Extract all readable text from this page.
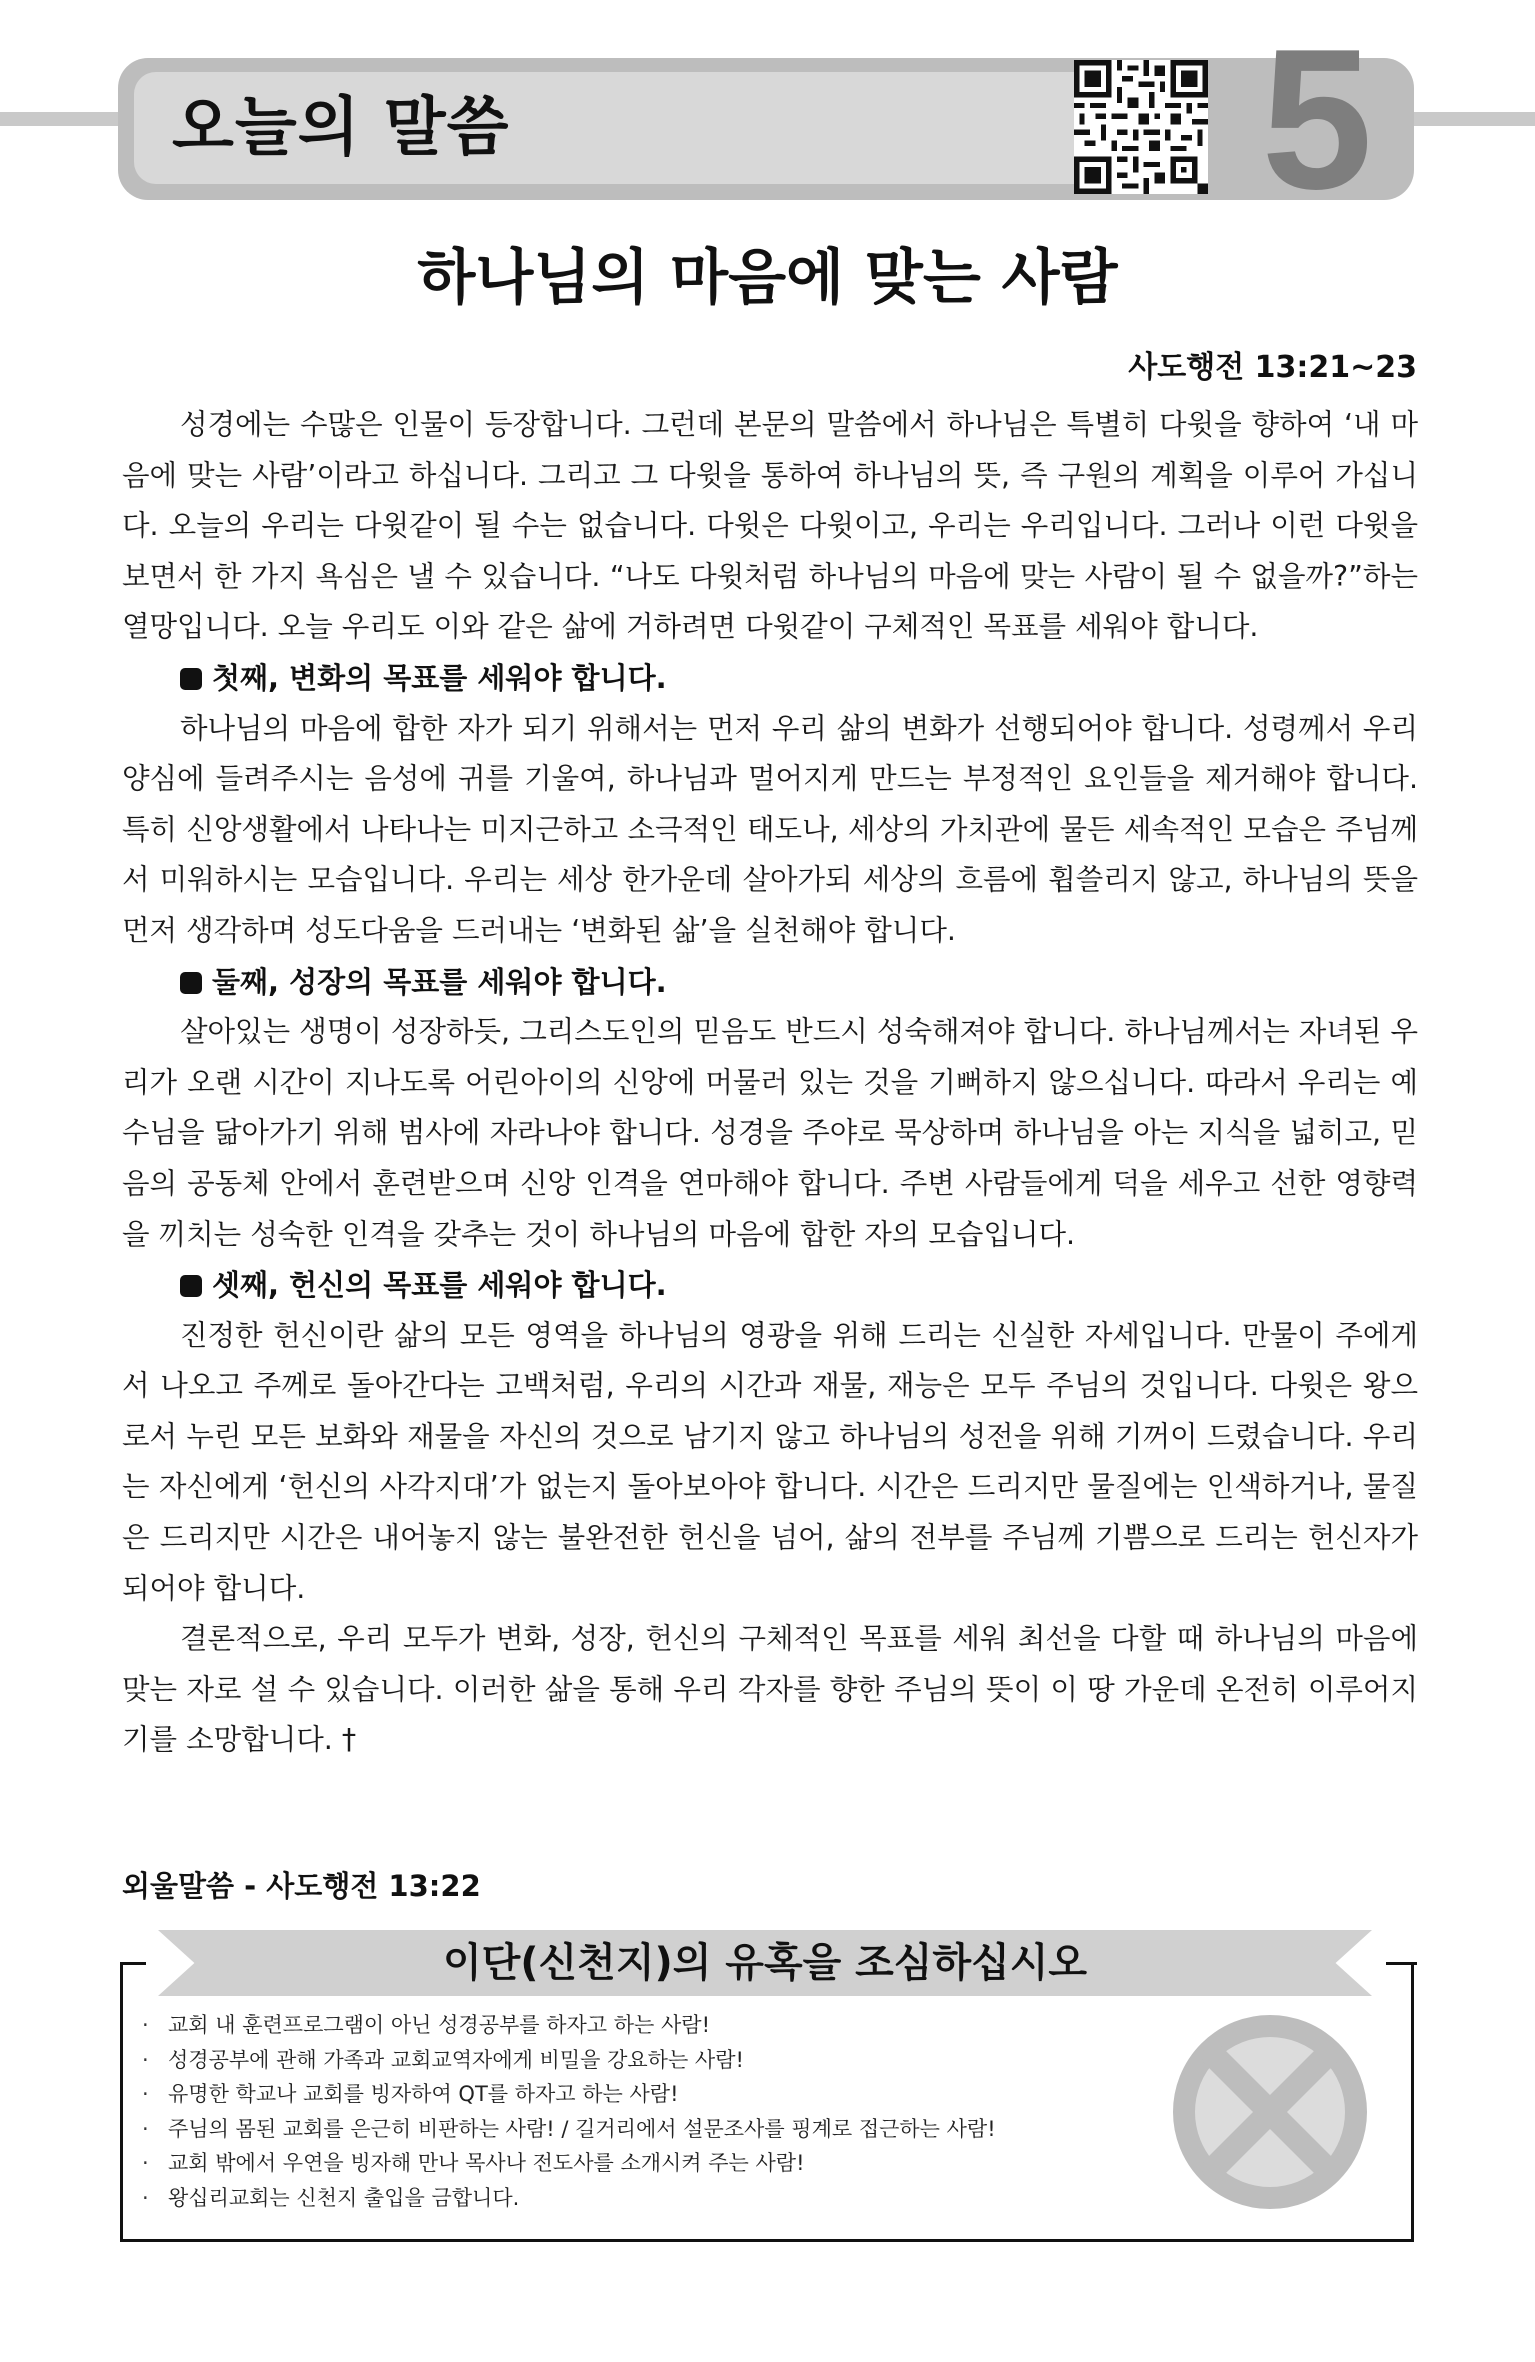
오늘의 말씀	5
하나님의 마음에 맞는 사람
사도행전 13:21~23

성경에는 수많은 인물이 등장합니다. 그런데 본문의 말씀에서 하나님은 특별히 다윗을 향하여 ‘내 마음에 맞는 사람’이라고 하십니다. 그리고 그 다윗을 통하여 하나님의 뜻, 즉 구원의 계획을 이루어 가십니다. 오늘의 우리는 다윗같이 될 수는 없습니다. 다윗은 다윗이고, 우리는 우리입니다. 그러나 이런 다윗을 보면서 한 가지 욕심은 낼 수 있습니다. “나도 다윗처럼 하나님의 마음에 맞는 사람이 될 수 없을까?”하는 열망입니다. 오늘 우리도 이와 같은 삶에 거하려면 다윗같이 구체적인 목표를 세워야 합니다.

첫째, 변화의 목표를 세워야 합니다.

하나님의 마음에 합한 자가 되기 위해서는 먼저 우리 삶의 변화가 선행되어야 합니다. 성령께서 우리 양심에 들려주시는 음성에 귀를 기울여, 하나님과 멀어지게 만드는 부정적인 요인들을 제거해야 합니다. 특히 신앙생활에서 나타나는 미지근하고 소극적인 태도나, 세상의 가치관에 물든 세속적인 모습은 주님께서 미워하시는 모습입니다. 우리는 세상 한가운데 살아가되 세상의 흐름에 휩쓸리지 않고, 하나님의 뜻을 먼저 생각하며 성도다움을 드러내는 ‘변화된 삶’을 실천해야 합니다.

둘째, 성장의 목표를 세워야 합니다.

살아있는 생명이 성장하듯, 그리스도인의 믿음도 반드시 성숙해져야 합니다. 하나님께서는 자녀된 우리가 오랜 시간이 지나도록 어린아이의 신앙에 머물러 있는 것을 기뻐하지 않으십니다. 따라서 우리는 예수님을 닮아가기 위해 범사에 자라나야 합니다. 성경을 주야로 묵상하며 하나님을 아는 지식을 넓히고, 믿음의 공동체 안에서 훈련받으며 신앙 인격을 연마해야 합니다. 주변 사람들에게 덕을 세우고 선한 영향력을 끼치는 성숙한 인격을 갖추는 것이 하나님의 마음에 합한 자의 모습입니다.

셋째, 헌신의 목표를 세워야 합니다.

진정한 헌신이란 삶의 모든 영역을 하나님의 영광을 위해 드리는 신실한 자세입니다. 만물이 주에게서 나오고 주께로 돌아간다는 고백처럼, 우리의 시간과 재물, 재능은 모두 주님의 것입니다. 다윗은 왕으로서 누린 모든 보화와 재물을 자신의 것으로 남기지 않고 하나님의 성전을 위해 기꺼이 드렸습니다. 우리는 자신에게 ‘헌신의 사각지대’가 없는지 돌아보아야 합니다. 시간은 드리지만 물질에는 인색하거나, 물질은 드리지만 시간은 내어놓지 않는 불완전한 헌신을 넘어, 삶의 전부를 주님께 기쁨으로 드리는 헌신자가 되어야 합니다.

결론적으로, 우리 모두가 변화, 성장, 헌신의 구체적인 목표를 세워 최선을 다할 때 하나님의 마음에 맞는 자로 설 수 있습니다. 이러한 삶을 통해 우리 각자를 향한 주님의 뜻이 이 땅 가운데 온전히 이루어지기를 소망합니다. †

외울말씀 - 사도행전 13:22
이단(신천지)의 유혹을 조심하십시오
· 교회 내 훈련프로그램이 아닌 성경공부를 하자고 하는 사람!
· 성경공부에 관해 가족과 교회교역자에게 비밀을 강요하는 사람!
· 유명한 학교나 교회를 빙자하여 QT를 하자고 하는 사람!
· 주님의 몸된 교회를 은근히 비판하는 사람! / 길거리에서 설문조사를 핑계로 접근하는 사람!
· 교회 밖에서 우연을 빙자해 만나 목사나 전도사를 소개시켜 주는 사람!
· 왕십리교회는 신천지 출입을 금합니다.
